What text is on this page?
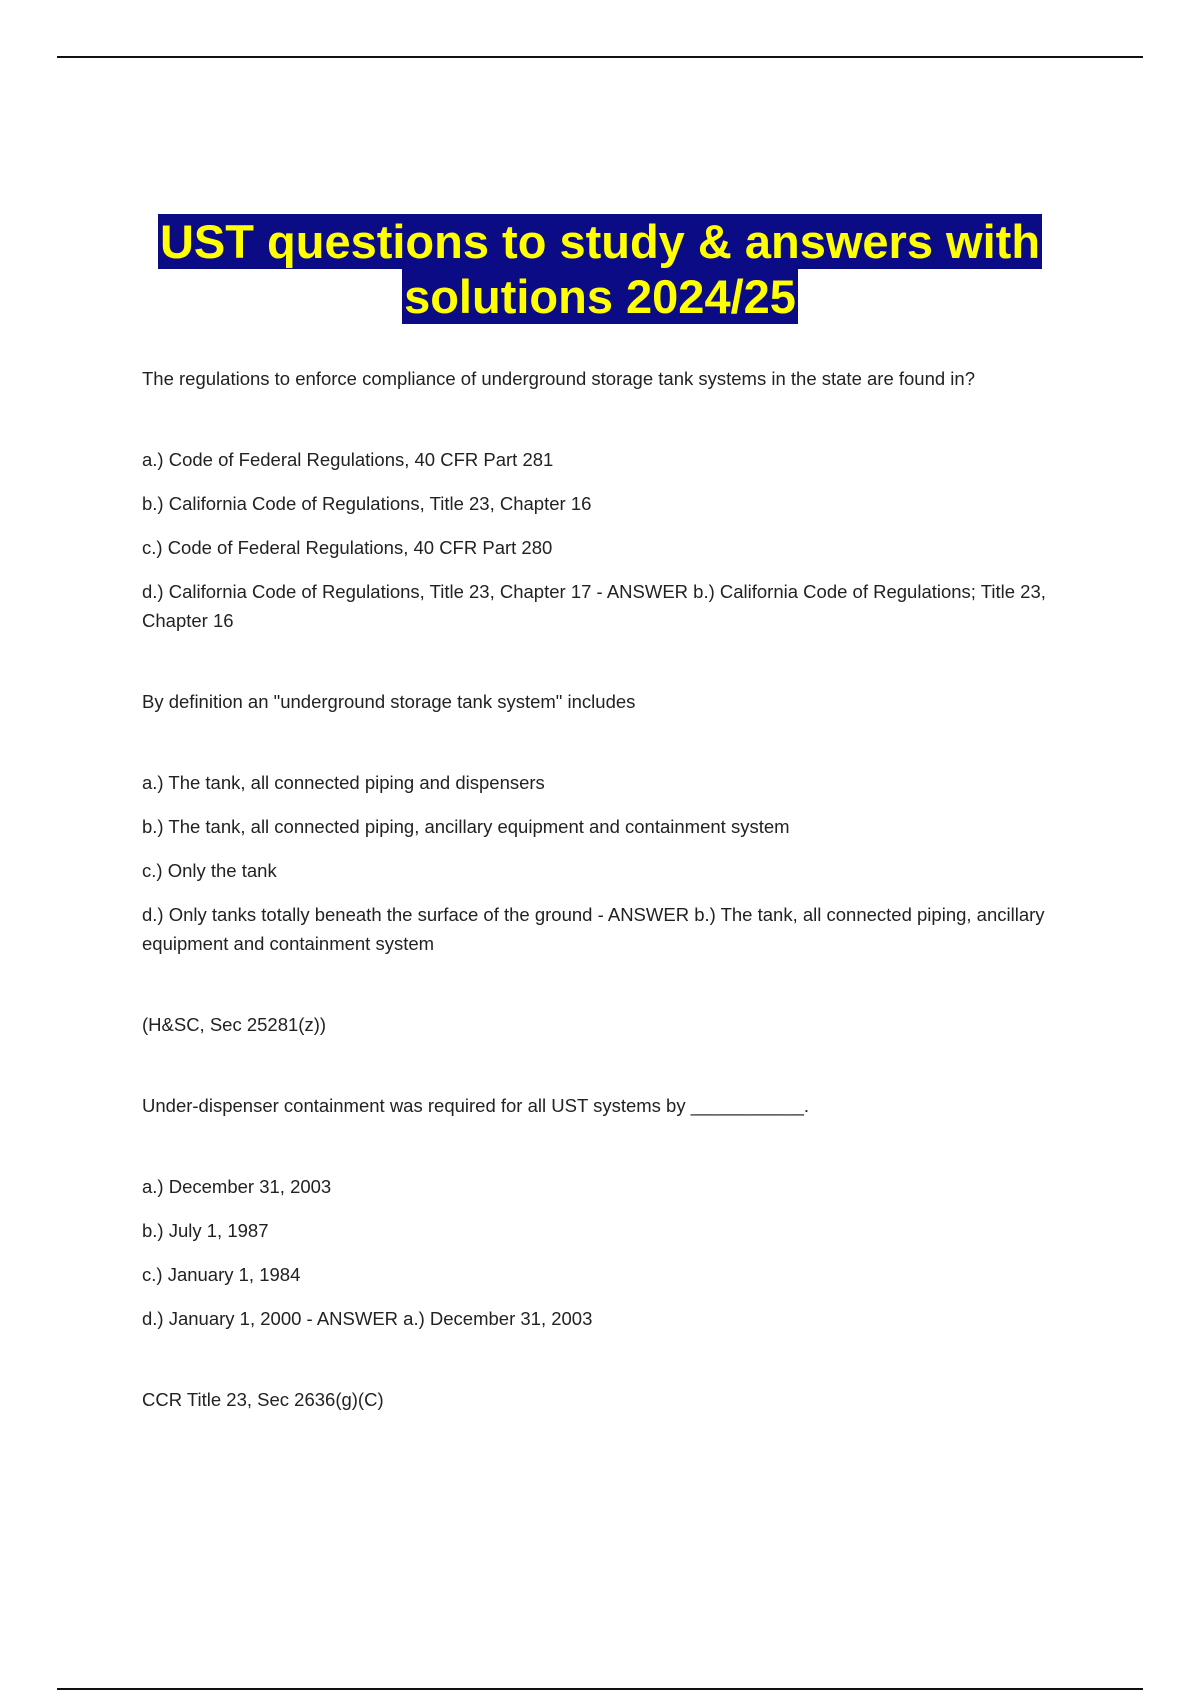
UST questions to study & answers with
solutions 2024/25

The regulations to enforce compliance of underground storage tank systems in the state are found in?

a.) Code of Federal Regulations, 40 CFR Part 281

b.) California Code of Regulations, Title 23, Chapter 16

c.) Code of Federal Regulations, 40 CFR Part 280

d.) California Code of Regulations, Title 23, Chapter 17 - ANSWER b.) California Code of Regulations; Title 23, Chapter 16

By definition an "underground storage tank system" includes

a.) The tank, all connected piping and dispensers

b.) The tank, all connected piping, ancillary equipment and containment system

c.) Only the tank

d.) Only tanks totally beneath the surface of the ground - ANSWER b.) The tank, all connected piping, ancillary equipment and containment system

(H&SC, Sec 25281(z))

Under-dispenser containment was required for all UST systems by ___________.

a.) December 31, 2003

b.) July 1, 1987

c.) January 1, 1984

d.) January 1, 2000 - ANSWER a.) December 31, 2003

CCR Title 23, Sec 2636(g)(C)
